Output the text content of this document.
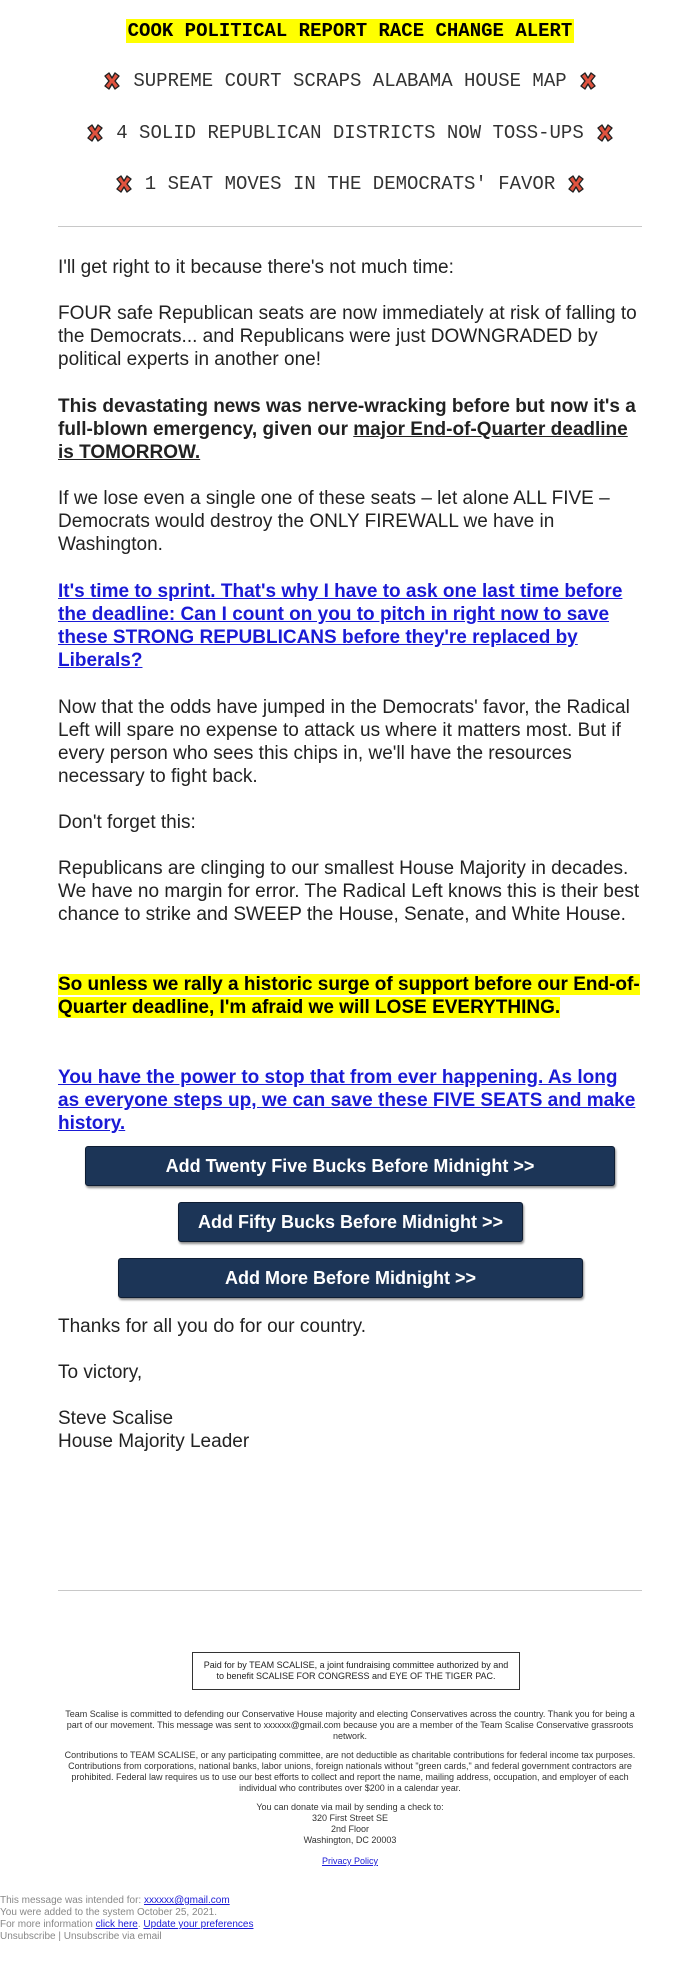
COOK POLITICAL REPORT RACE CHANGE ALERT
SUPREME COURT SCRAPS ALABAMA HOUSE MAP
4 SOLID REPUBLICAN DISTRICTS NOW TOSS-UPS
1 SEAT MOVES IN THE DEMOCRATS' FAVOR

I'll get right to it because there's not much time:

FOUR safe Republican seats are now immediately at risk of falling to the Democrats... and Republicans were just DOWNGRADED by political experts in another one!

This devastating news was nerve-wracking before but now it's a full-blown emergency, given our major End-of-Quarter deadline is TOMORROW.

If we lose even a single one of these seats – let alone ALL FIVE – Democrats would destroy the ONLY FIREWALL we have in Washington.

It's time to sprint. That's why I have to ask one last time before the deadline: Can I count on you to pitch in right now to save these STRONG REPUBLICANS before they're replaced by Liberals?

Now that the odds have jumped in the Democrats' favor, the Radical Left will spare no expense to attack us where it matters most. But if every person who sees this chips in, we'll have the resources necessary to fight back.

Don't forget this:

Republicans are clinging to our smallest House Majority in decades. We have no margin for error. The Radical Left knows this is their best chance to strike and SWEEP the House, Senate, and White House.

So unless we rally a historic surge of support before our End-of-Quarter deadline, I'm afraid we will LOSE EVERYTHING.

You have the power to stop that from ever happening. As long as everyone steps up, we can save these FIVE SEATS and make history.

Add Twenty Five Bucks Before Midnight >>
Add Fifty Bucks Before Midnight >>
Add More Before Midnight >>

Thanks for all you do for our country.

To victory,

Steve Scalise

House Majority Leader

Paid for by TEAM SCALISE, a joint fundraising committee authorized by and to benefit SCALISE FOR CONGRESS and EYE OF THE TIGER PAC.
Team Scalise is committed to defending our Conservative House majority and electing Conservatives across the country. Thank you for being a part of our movement. This message was sent to xxxxxx@gmail.com because you are a member of the Team Scalise Conservative grassroots network.
Contributions to TEAM SCALISE, or any participating committee, are not deductible as charitable contributions for federal income tax purposes. Contributions from corporations, national banks, labor unions, foreign nationals without "green cards," and federal government contractors are prohibited. Federal law requires us to use our best efforts to collect and report the name, mailing address, occupation, and employer of each individual who contributes over $200 in a calendar year.
You can donate via mail by sending a check to:
320 First Street SE
2nd Floor
Washington, DC 20003
Privacy Policy
This message was intended for: xxxxxx@gmail.com
You were added to the system October 25, 2021.
For more information click here. Update your preferences
Unsubscribe | Unsubscribe via email
